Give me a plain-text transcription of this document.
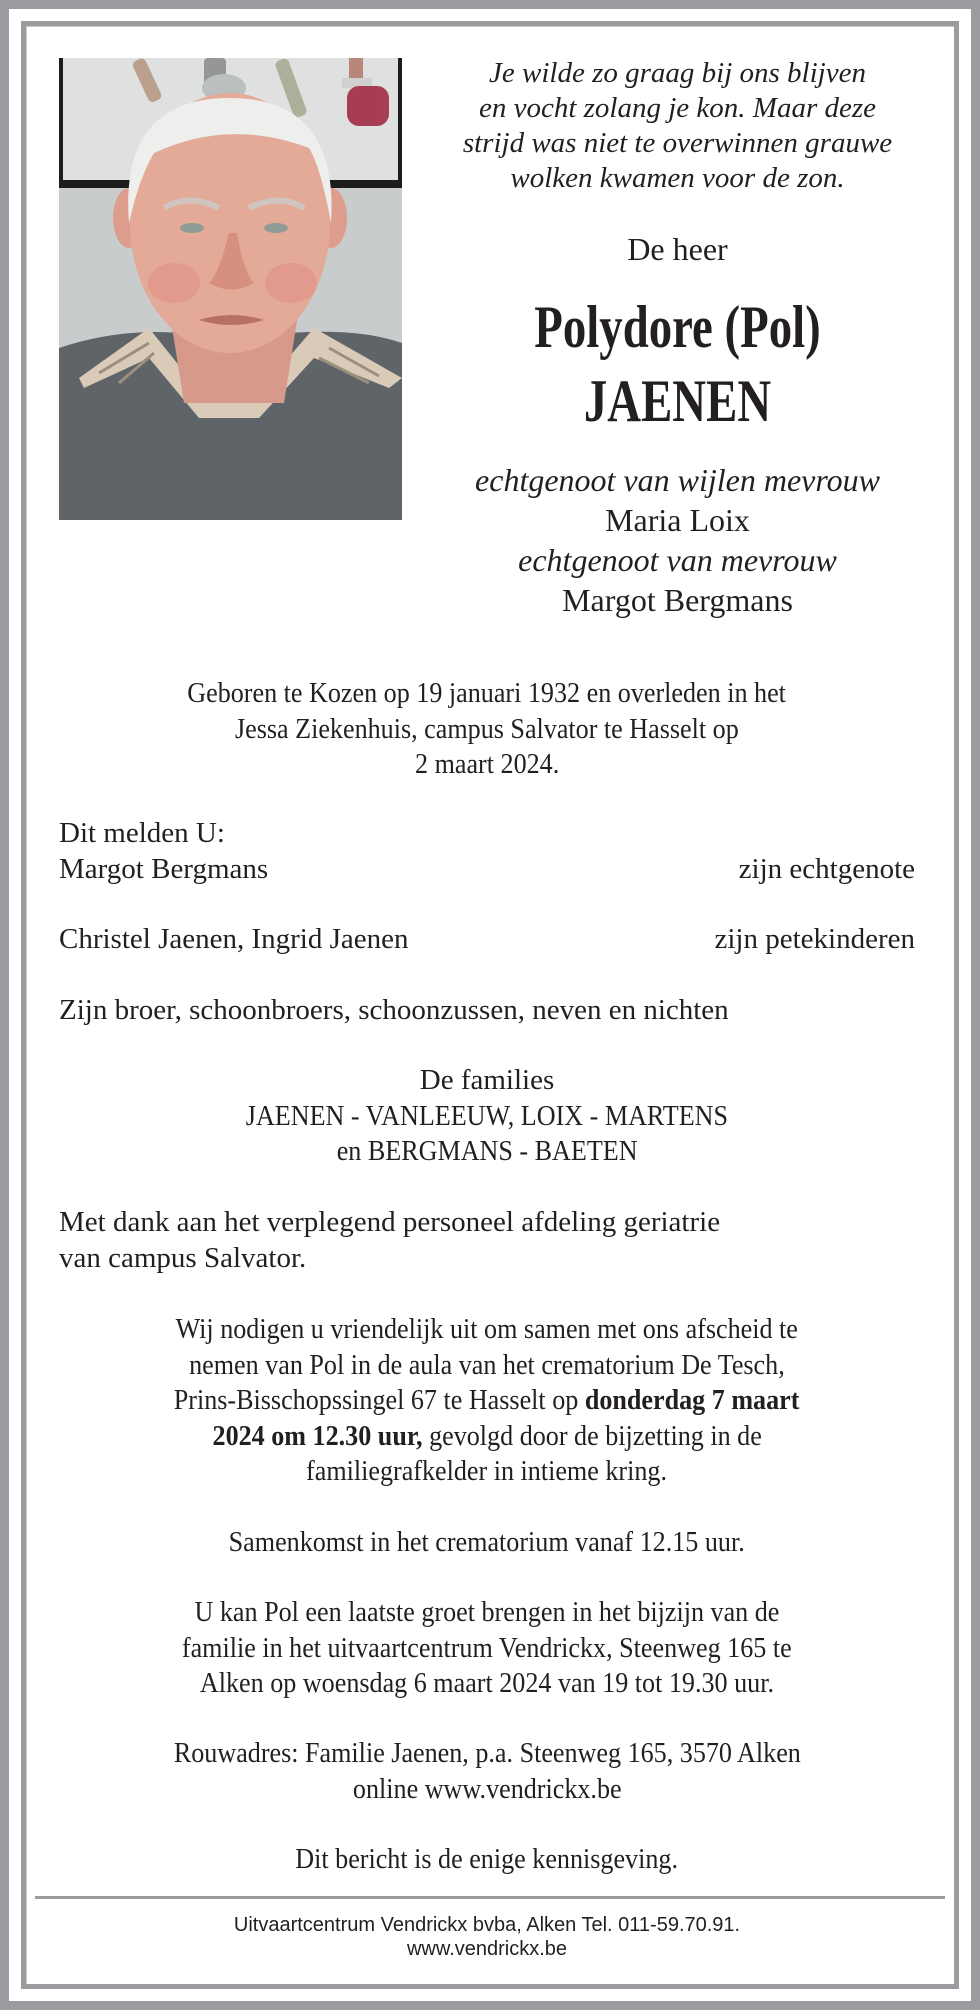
Je wilde zo graag bij ons blijven
en vocht zolang je kon. Maar deze
strijd was niet te overwinnen grauwe
wolken kwamen voor de zon.
De heer
Polydore (Pol)
JAENEN
echtgenoot van wijlen mevrouw
Maria Loix
echtgenoot van mevrouw
Margot Bergmans
Geboren te Kozen op 19 januari 1932 en overleden in het
Jessa Ziekenhuis, campus Salvator te Hasselt op
2 maart 2024.
Dit melden U:
Margot Bergmans	zijn echtgenote
Christel Jaenen, Ingrid Jaenen	zijn petekinderen
Zijn broer, schoonbroers, schoonzussen, neven en nichten
De families
JAENEN - VANLEEUW, LOIX - MARTENS
en BERGMANS - BAETEN
Met dank aan het verplegend personeel afdeling geriatrie
van campus Salvator.
Wij nodigen u vriendelijk uit om samen met ons afscheid te
nemen van Pol in de aula van het crematorium De Tesch,
Prins-Bisschopssingel 67 te Hasselt op donderdag 7 maart
2024 om 12.30 uur, gevolgd door de bijzetting in de
familiegrafkelder in intieme kring.
Samenkomst in het crematorium vanaf 12.15 uur.
U kan Pol een laatste groet brengen in het bijzijn van de
familie in het uitvaartcentrum Vendrickx, Steenweg 165 te
Alken op woensdag 6 maart 2024 van 19 tot 19.30 uur.
Rouwadres: Familie Jaenen, p.a. Steenweg 165, 3570 Alken
online www.vendrickx.be
Dit bericht is de enige kennisgeving.
Uitvaartcentrum Vendrickx bvba, Alken Tel. 011-59.70.91.
www.vendrickx.be
